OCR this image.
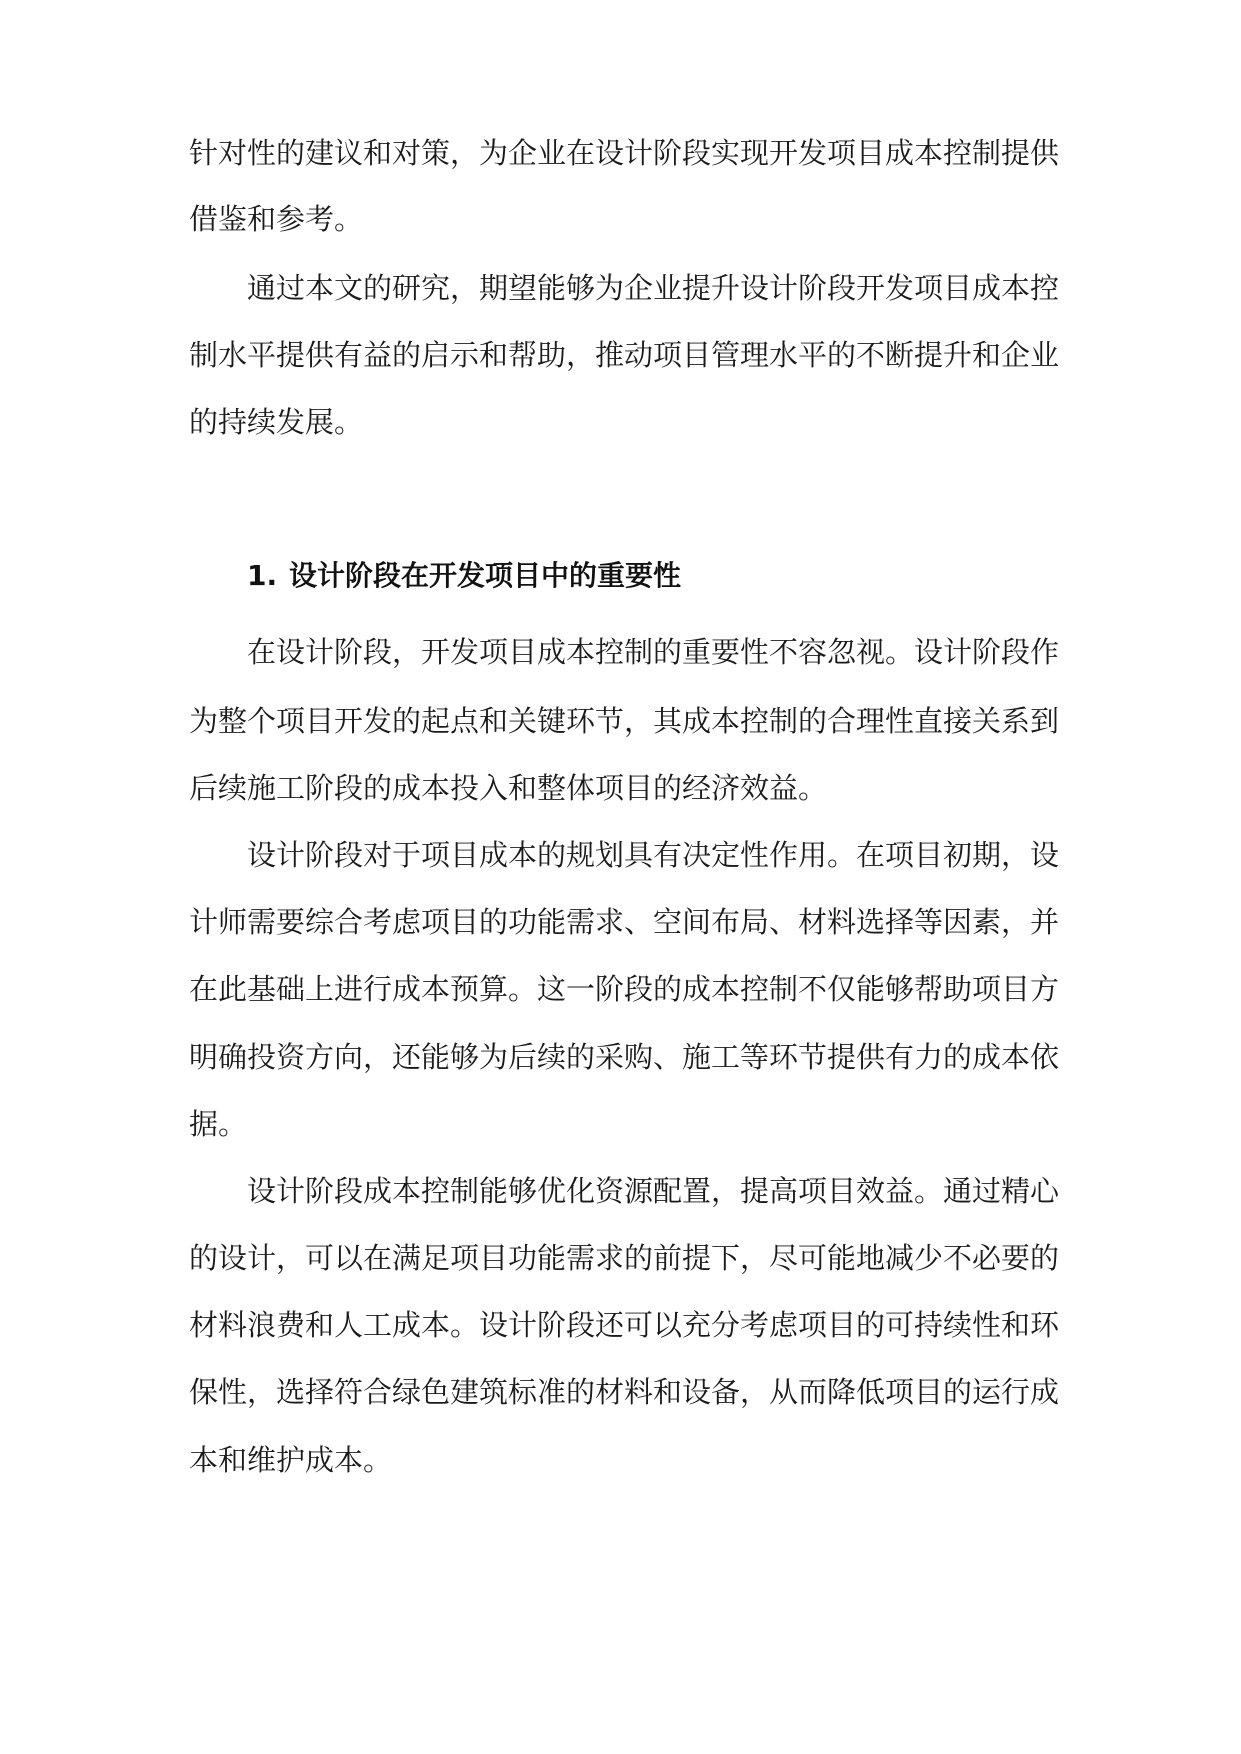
针对性的建议和对策，为企业在设计阶段实现开发项目成本控制提供
借鉴和参考。
通过本文的研究，期望能够为企业提升设计阶段开发项目成本控
制水平提供有益的启示和帮助，推动项目管理水平的不断提升和企业
的持续发展。
1. 设计阶段在开发项目中的重要性
在设计阶段，开发项目成本控制的重要性不容忽视。设计阶段作
为整个项目开发的起点和关键环节，其成本控制的合理性直接关系到
后续施工阶段的成本投入和整体项目的经济效益。
设计阶段对于项目成本的规划具有决定性作用。在项目初期，设
计师需要综合考虑项目的功能需求、空间布局、材料选择等因素，并
在此基础上进行成本预算。这一阶段的成本控制不仅能够帮助项目方
明确投资方向，还能够为后续的采购、施工等环节提供有力的成本依
据。
设计阶段成本控制能够优化资源配置，提高项目效益。通过精心
的设计，可以在满足项目功能需求的前提下，尽可能地减少不必要的
材料浪费和人工成本。设计阶段还可以充分考虑项目的可持续性和环
保性，选择符合绿色建筑标准的材料和设备，从而降低项目的运行成
本和维护成本。
